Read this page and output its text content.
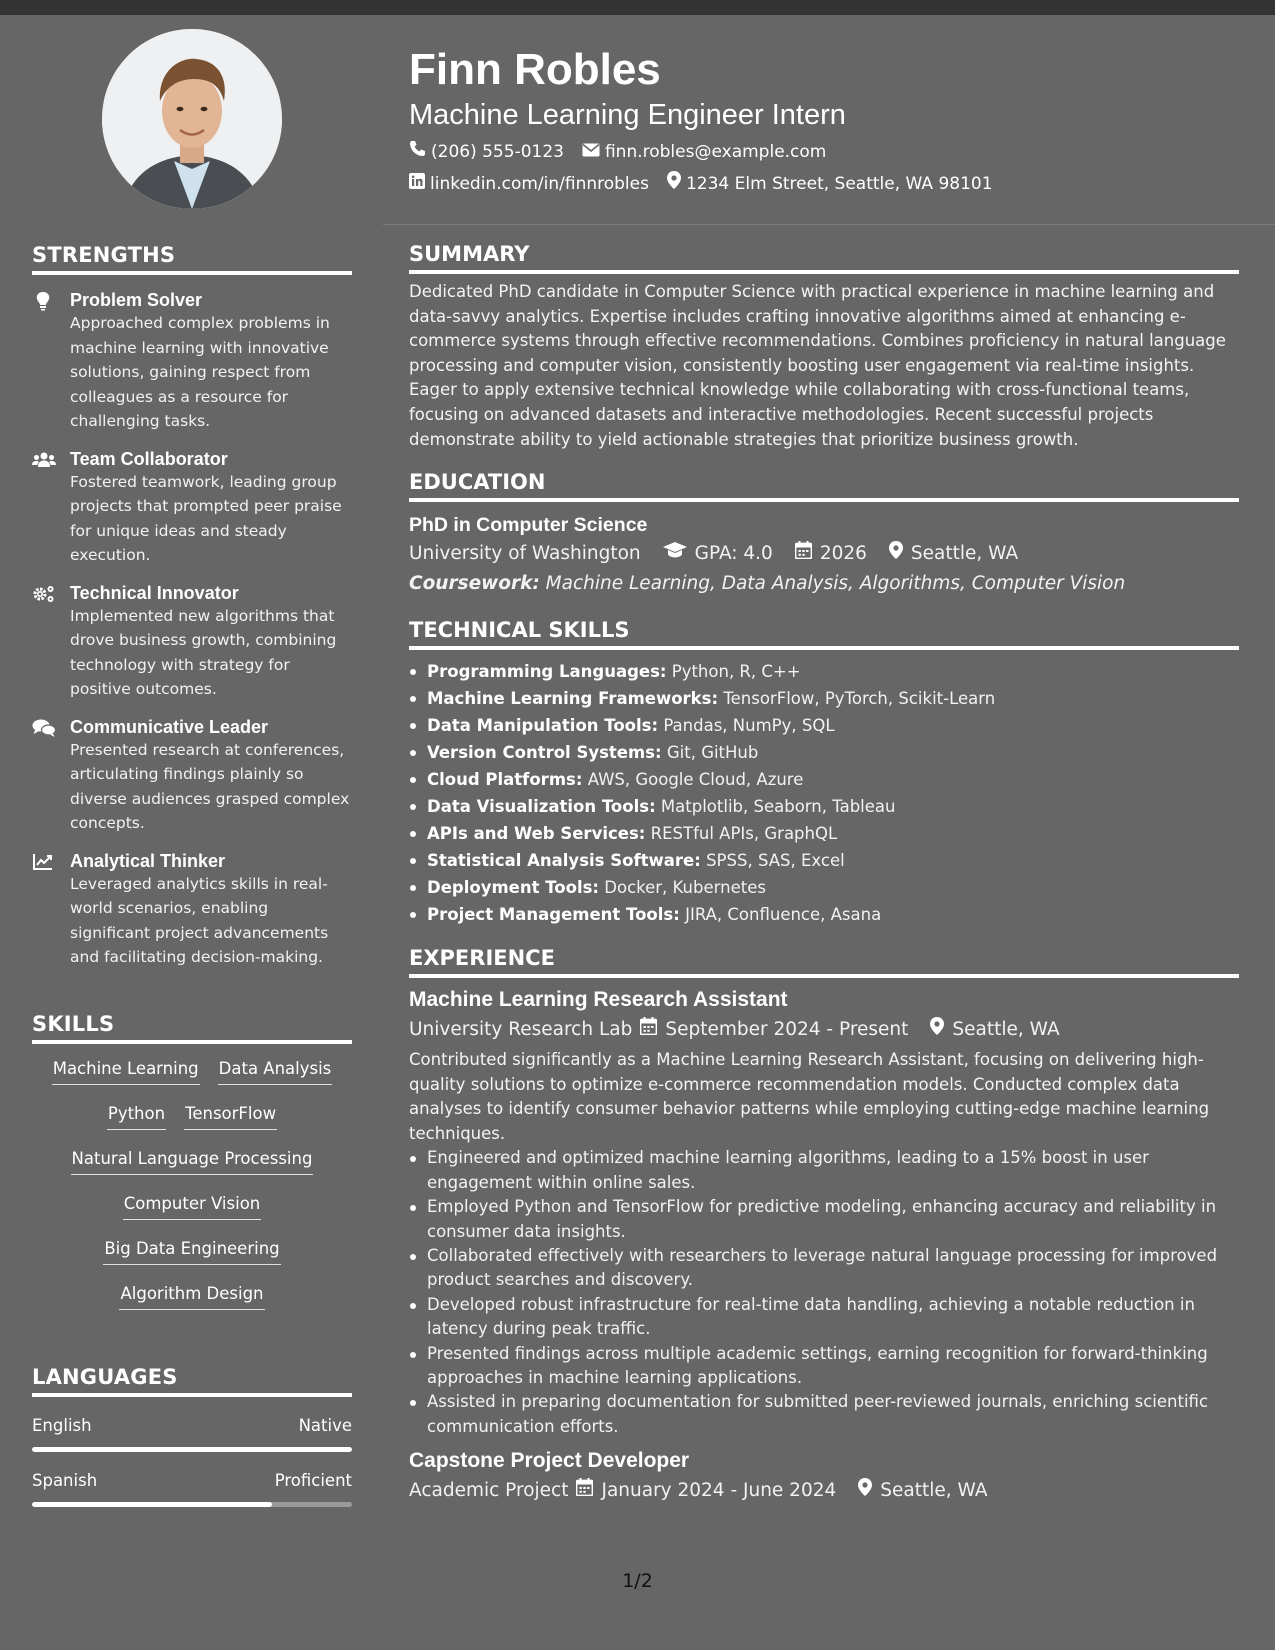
STRENGTHS
Problem Solver
Approached complex problems in machine learning with innovative solutions, gaining respect from colleagues as a resource for challenging tasks.
Team Collaborator
Fostered teamwork, leading group projects that prompted peer praise for unique ideas and steady execution.
Technical Innovator
Implemented new algorithms that drove business growth, combining technology with strategy for positive outcomes.
Communicative Leader
Presented research at conferences, articulating findings plainly so diverse audiences grasped complex concepts.
Analytical Thinker
Leveraged analytics skills in real-world scenarios, enabling significant project advancements and facilitating decision-making.
SKILLS
Machine Learning Data Analysis
Python TensorFlow
Natural Language Processing
Computer Vision
Big Data Engineering
Algorithm Design
LANGUAGES
English	Native
Spanish	Proficient
Finn Robles
Machine Learning Engineer Intern
(206) 555-0123 finn.robles@example.com
linkedin.com/in/finnrobles 1234 Elm Street, Seattle, WA 98101
SUMMARY
Dedicated PhD candidate in Computer Science with practical experience in machine learning and data-savvy analytics. Expertise includes crafting innovative algorithms aimed at enhancing e-commerce systems through effective recommendations. Combines proficiency in natural language processing and computer vision, consistently boosting user engagement via real-time insights. Eager to apply extensive technical knowledge while collaborating with cross-functional teams, focusing on advanced datasets and interactive methodologies. Recent successful projects demonstrate ability to yield actionable strategies that prioritize business growth.
EDUCATION
PhD in Computer Science
University of Washington	GPA: 4.0	2026 Seattle, WA
Coursework: Machine Learning, Data Analysis, Algorithms, Computer Vision
TECHNICAL SKILLS
Programming Languages: Python, R, C++
Machine Learning Frameworks: TensorFlow, PyTorch, Scikit-Learn
Data Manipulation Tools: Pandas, NumPy, SQL
Version Control Systems: Git, GitHub
Cloud Platforms: AWS, Google Cloud, Azure
Data Visualization Tools: Matplotlib, Seaborn, Tableau
APIs and Web Services: RESTful APIs, GraphQL
Statistical Analysis Software: SPSS, SAS, Excel
Deployment Tools: Docker, Kubernetes
Project Management Tools: JIRA, Confluence, Asana
EXPERIENCE
Machine Learning Research Assistant
University Research Lab September 2024 - Present Seattle, WA
Contributed significantly as a Machine Learning Research Assistant, focusing on delivering high-quality solutions to optimize e-commerce recommendation models. Conducted complex data analyses to identify consumer behavior patterns while employing cutting-edge machine learning techniques.
Engineered and optimized machine learning algorithms, leading to a 15% boost in user engagement within online sales.
Employed Python and TensorFlow for predictive modeling, enhancing accuracy and reliability in consumer data insights.
Collaborated effectively with researchers to leverage natural language processing for improved product searches and discovery.
Developed robust infrastructure for real-time data handling, achieving a notable reduction in latency during peak traffic.
Presented findings across multiple academic settings, earning recognition for forward-thinking approaches in machine learning applications.
Assisted in preparing documentation for submitted peer-reviewed journals, enriching scientific communication efforts.
Capstone Project Developer
Academic Project January 2024 - June 2024 Seattle, WA
1/2
